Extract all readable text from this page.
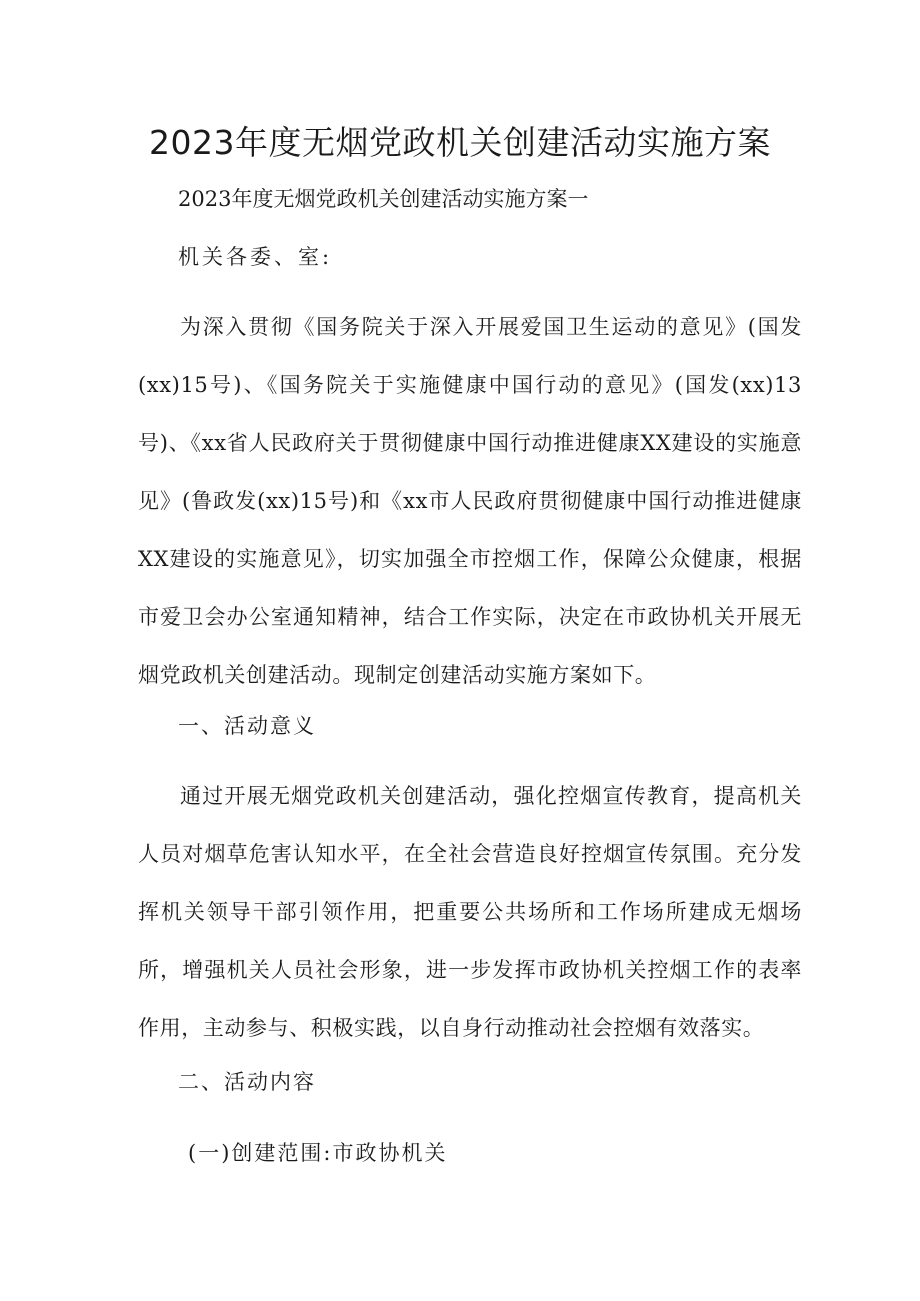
2023年度无烟党政机关创建活动实施方案

2023年度无烟党政机关创建活动实施方案一

机关各委、室:

为深入贯彻《国务院关于深入开展爱国卫生运动的意见》(国发(xx)15号)、《国务院关于实施健康中国行动的意见》(国发(xx)13号)、《xx省人民政府关于贯彻健康中国行动推进健康XX建设的实施意见》(鲁政发(xx)15号)和《xx市人民政府贯彻健康中国行动推进健康XX建设的实施意见》，切实加强全市控烟工作，保障公众健康，根据市爱卫会办公室通知精神，结合工作实际，决定在市政协机关开展无烟党政机关创建活动。现制定创建活动实施方案如下。

一、活动意义

通过开展无烟党政机关创建活动，强化控烟宣传教育，提高机关人员对烟草危害认知水平，在全社会营造良好控烟宣传氛围。充分发挥机关领导干部引领作用，把重要公共场所和工作场所建成无烟场所，增强机关人员社会形象，进一步发挥市政协机关控烟工作的表率作用，主动参与、积极实践，以自身行动推动社会控烟有效落实。

二、活动内容

(一)创建范围:市政协机关
